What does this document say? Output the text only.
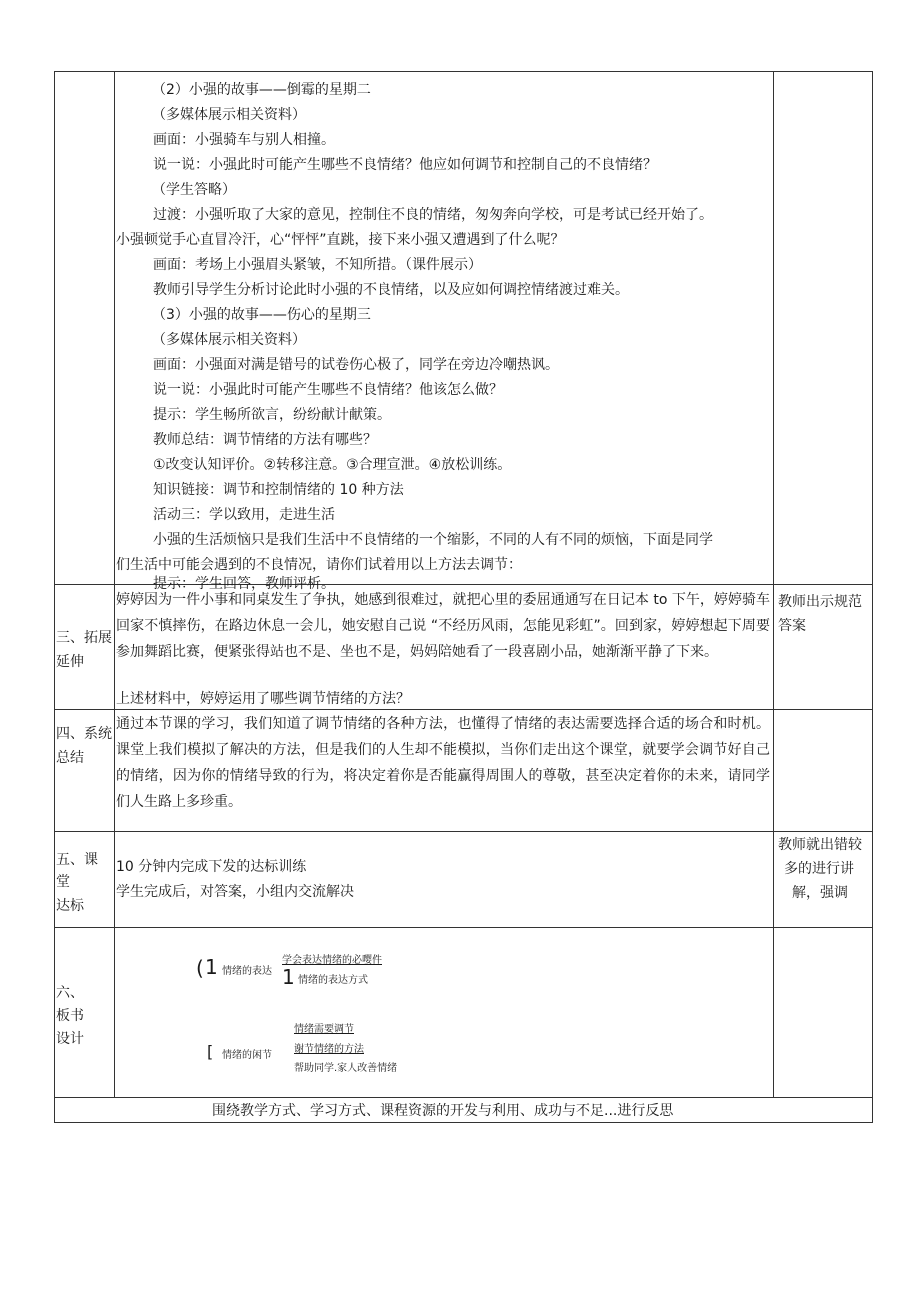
（2）小强的故事——倒霉的星期二
（多媒体展示相关资料）
画面：小强骑车与别人相撞。
说一说：小强此时可能产生哪些不良情绪？他应如何调节和控制自己的不良情绪？
（学生答略）
过渡：小强听取了大家的意见，控制住不良的情绪，匆匆奔向学校，可是考试已经开始了。
小强顿觉手心直冒冷汗，心“怦怦”直跳，接下来小强又遭遇到了什么呢？
画面：考场上小强眉头紧皱，不知所措。（课件展示）
教师引导学生分析讨论此时小强的不良情绪，以及应如何调控情绪渡过难关。
（3）小强的故事——伤心的星期三
（多媒体展示相关资料）
画面：小强面对满是错号的试卷伤心极了，同学在旁边冷嘲热讽。
说一说：小强此时可能产生哪些不良情绪？他该怎么做？
提示：学生畅所欲言，纷纷献计献策。
教师总结：调节情绪的方法有哪些？
①改变认知评价。②转移注意。③合理宣泄。④放松训练。
知识链接：调节和控制情绪的 10 种方法
活动三：学以致用，走进生活
小强的生活烦恼只是我们生活中不良情绪的一个缩影，不同的人有不同的烦恼，下面是同学
们生活中可能会遇到的不良情况，请你们试着用以上方法去调节：
提示：学生回答，教师评析。
三、拓展延伸
婷婷因为一件小事和同桌发生了争执，她感到很难过，就把心里的委屈通通写在日记本 to 下午，婷婷骑车回家不慎摔伤，在路边休息一会儿，她安慰自己说 “不经历风雨，怎能见彩虹”。回到家，婷婷想起下周要参加舞蹈比赛，便紧张得站也不是、坐也不是，妈妈陪她看了一段喜剧小品，她渐渐平静了下来。
上述材料中，婷婷运用了哪些调节情绪的方法？
教师出示规范答案
四、系统总结
通过本节课的学习，我们知道了调节情绪的各种方法，也懂得了情绪的表达需要选择合适的场合和时机。课堂上我们模拟了解决的方法，但是我们的人生却不能模拟，当你们走出这个课堂，就要学会调节好自己的情绪，因为你的情绪导致的行为，将决定着你是否能赢得周围人的尊敬，甚至决定着你的未来，请同学们人生路上多珍重。
五、课
堂
达标
10 分钟内完成下发的达标训练
学生完成后，对答案，小组内交流解决
教师就出错较
多的进行讲
解，强调
六、
板书
设计
( 1 情绪的表达
学会表达情绪的必嘤件
1 情绪的表达方式
[ 情绪的闲节
情绪需要调节
谢节情绪的方法
帮助同学.家人改善情绪
围绕教学方式、学习方式、课程资源的开发与利用、成功与不足...进行反思
